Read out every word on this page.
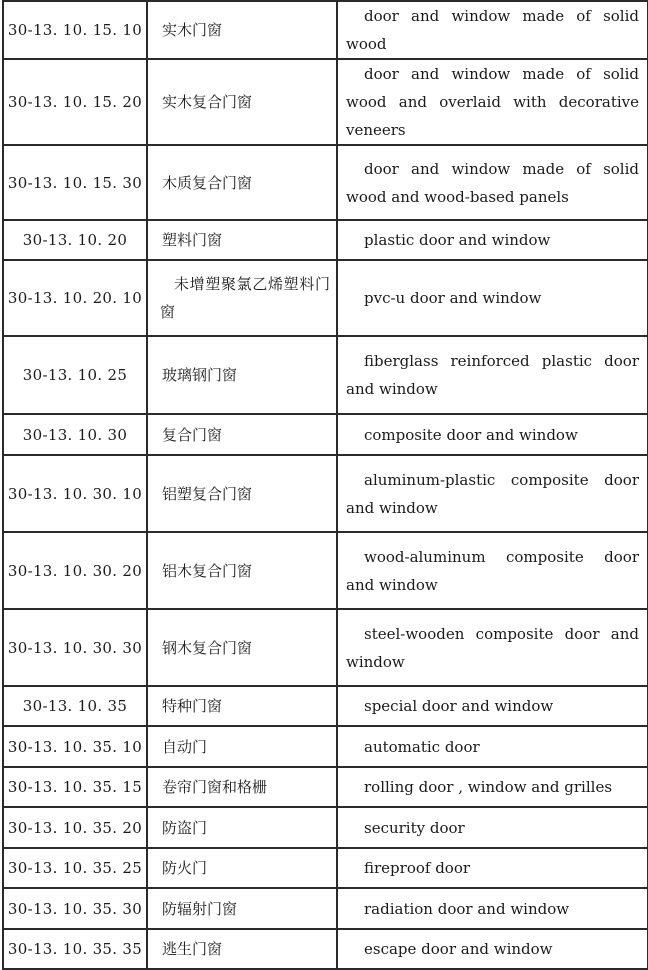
30-13. 10. 15. 10	实木门窗	door and window made of solid wood
30-13. 10. 15. 20	实木复合门窗	door and window made of solid wood and overlaid with decorative veneers
30-13. 10. 15. 30	木质复合门窗	door and window made of solid wood and wood-based panels
30-13. 10. 20	塑料门窗	plastic door and window
30-13. 10. 20. 10	未增塑聚氯乙烯塑料门窗	pvc-u door and window
30-13. 10. 25	玻璃钢门窗	fiberglass reinforced plastic door and window
30-13. 10. 30	复合门窗	composite door and window
30-13. 10. 30. 10	铝塑复合门窗	aluminum-plastic composite door and window
30-13. 10. 30. 20	铝木复合门窗	wood-aluminum composite door and window
30-13. 10. 30. 30	钢木复合门窗	steel-wooden composite door and window
30-13. 10. 35	特种门窗	special door and window
30-13. 10. 35. 10	自动门	automatic door
30-13. 10. 35. 15	卷帘门窗和格栅	rolling door , window and grilles
30-13. 10. 35. 20	防盗门	security door
30-13. 10. 35. 25	防火门	fireproof door
30-13. 10. 35. 30	防辐射门窗	radiation door and window
30-13. 10. 35. 35	逃生门窗	escape door and window
